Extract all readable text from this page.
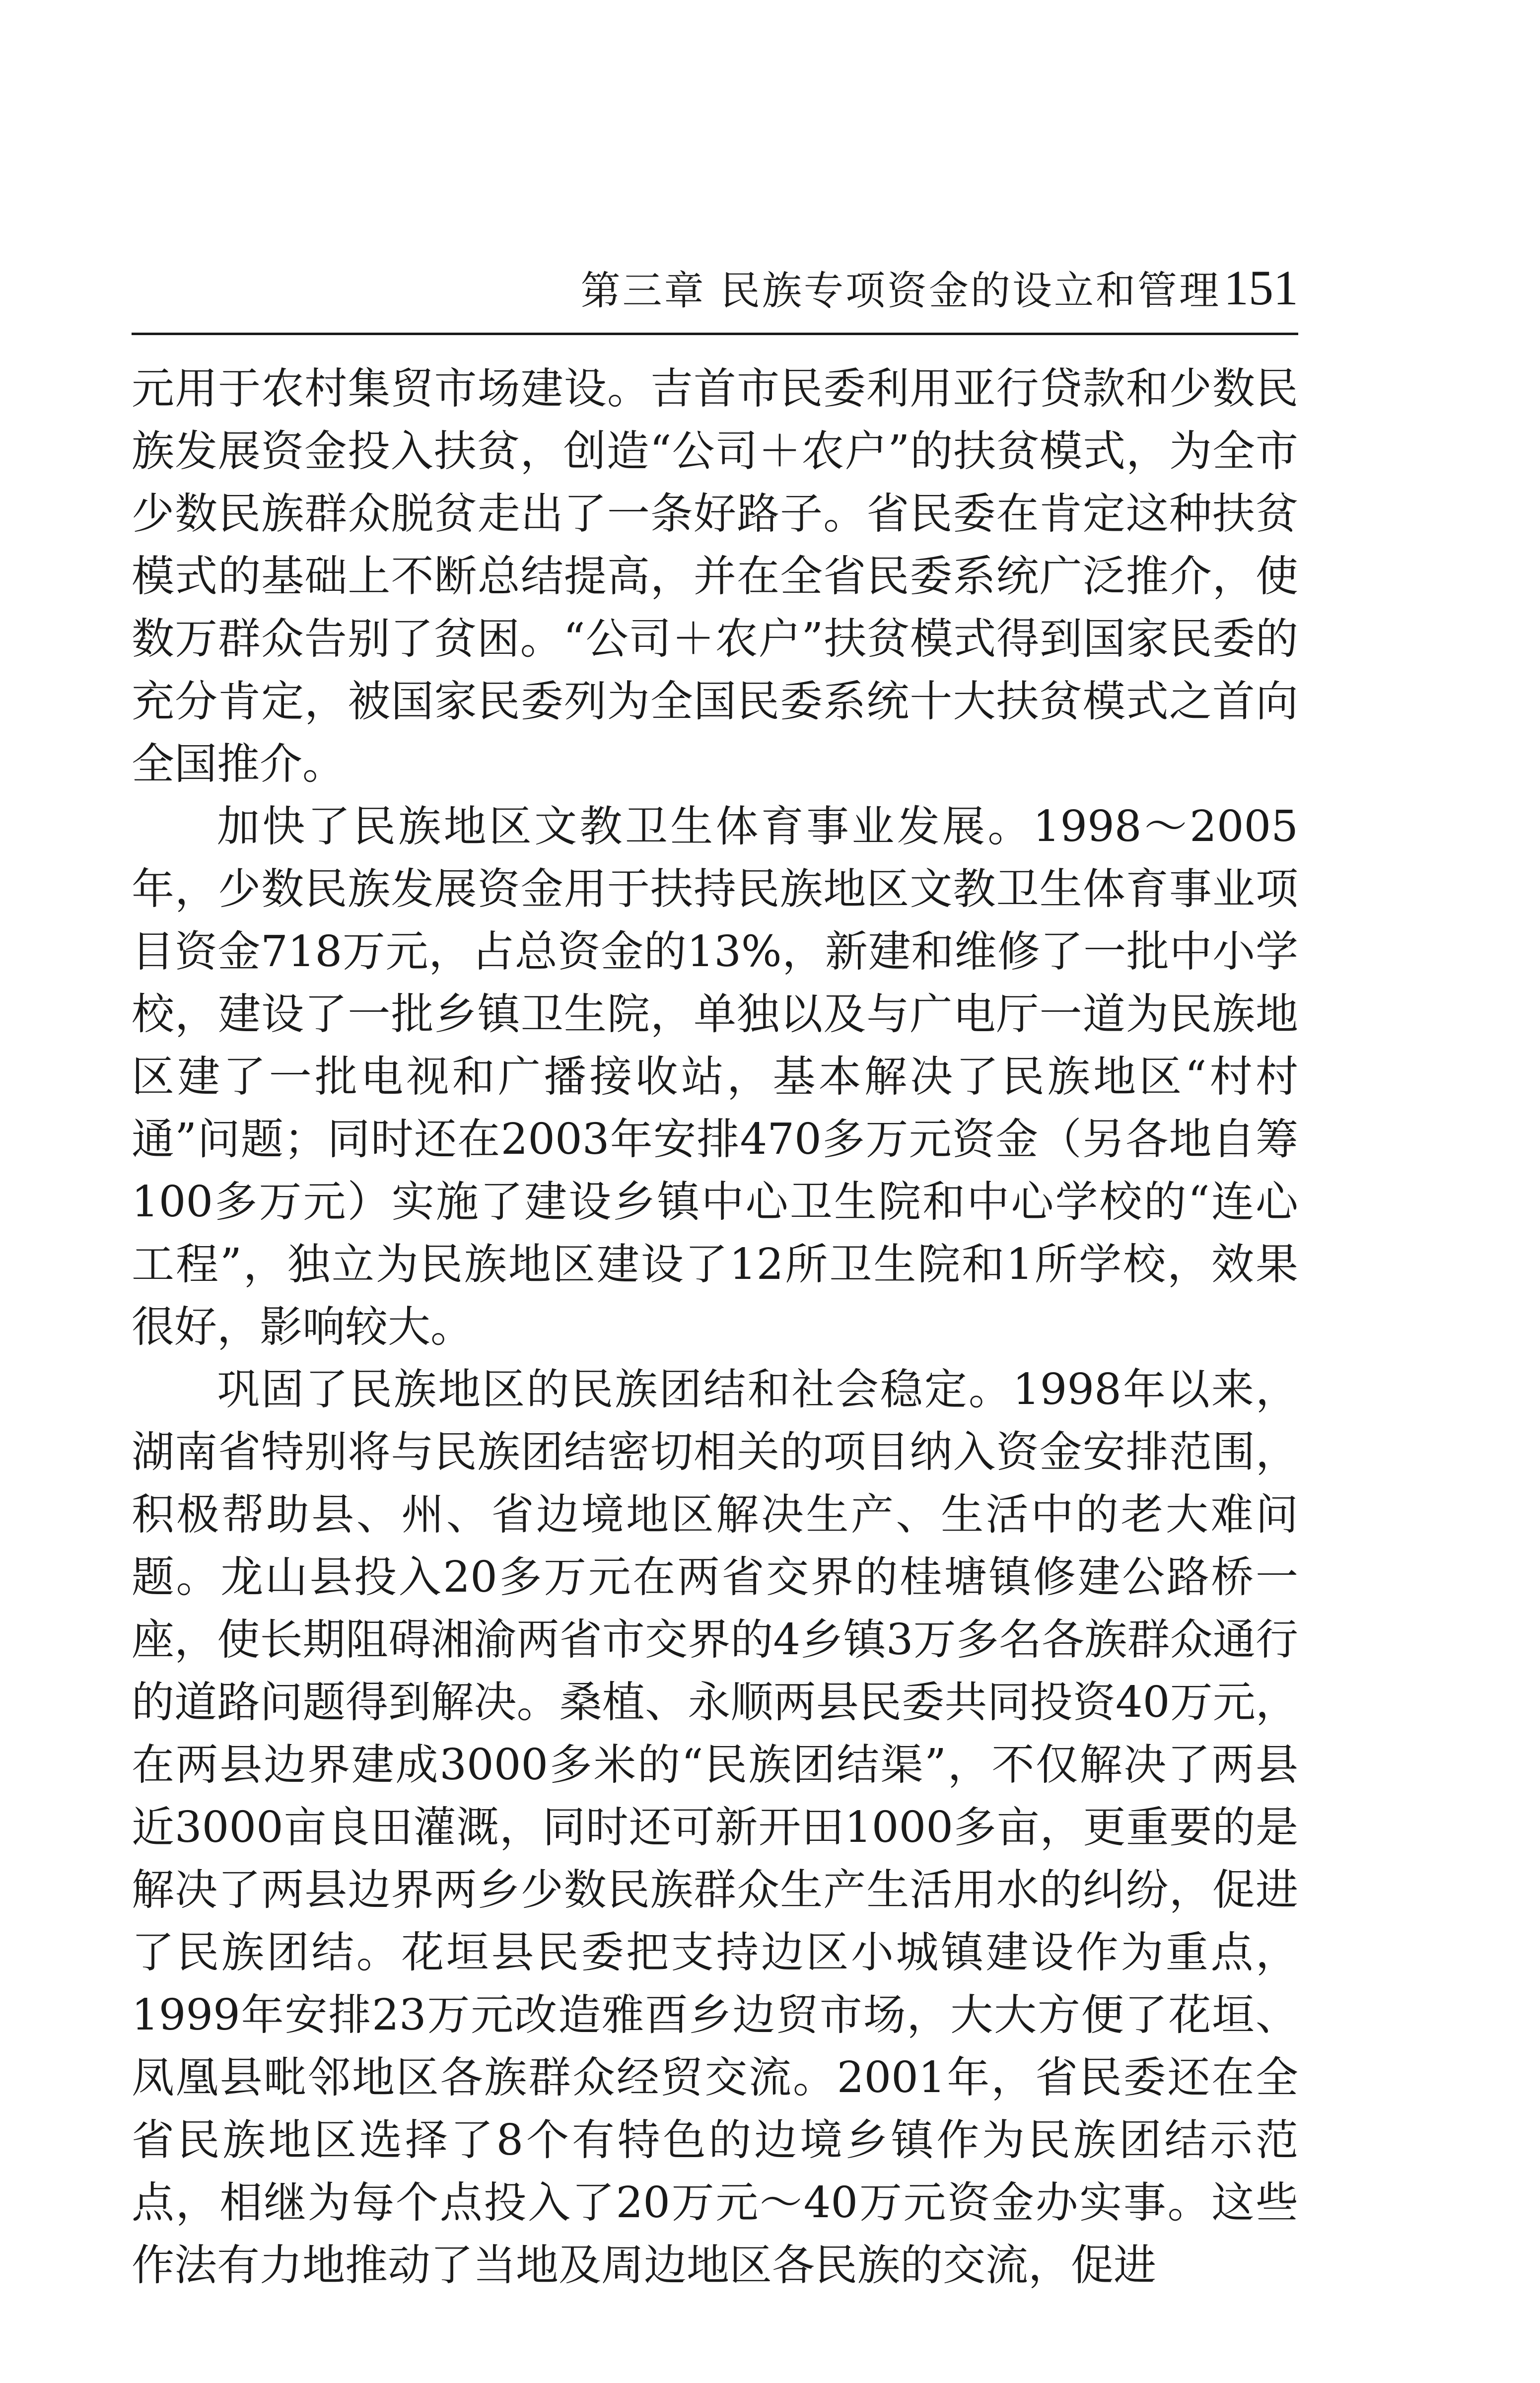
第三章 民族专项资金的设立和管理151

元用于农村集贸市场建设。吉首市民委利用亚行贷款和少数民族发展资金投入扶贫，创造“公司＋农户”的扶贫模式，为全市少数民族群众脱贫走出了一条好路子。省民委在肯定这种扶贫模式的基础上不断总结提高，并在全省民委系统广泛推介，使数万群众告别了贫困。“公司＋农户”扶贫模式得到国家民委的充分肯定，被国家民委列为全国民委系统十大扶贫模式之首向全国推介。

加快了民族地区文教卫生体育事业发展。1998～2005年，少数民族发展资金用于扶持民族地区文教卫生体育事业项目资金718万元，占总资金的13%，新建和维修了一批中小学校，建设了一批乡镇卫生院，单独以及与广电厅一道为民族地区建了一批电视和广播接收站，基本解决了民族地区“村村通”问题；同时还在2003年安排470多万元资金（另各地自筹100多万元）实施了建设乡镇中心卫生院和中心学校的“连心工程”，独立为民族地区建设了12所卫生院和1所学校，效果很好，影响较大。

巩固了民族地区的民族团结和社会稳定。1998年以来，湖南省特别将与民族团结密切相关的项目纳入资金安排范围，积极帮助县、州、省边境地区解决生产、生活中的老大难问题。龙山县投入20多万元在两省交界的桂塘镇修建公路桥一座，使长期阻碍湘渝两省市交界的4乡镇3万多名各族群众通行的道路问题得到解决。桑植、永顺两县民委共同投资40万元，在两县边界建成3000多米的“民族团结渠”，不仅解决了两县近3000亩良田灌溉，同时还可新开田1000多亩，更重要的是解决了两县边界两乡少数民族群众生产生活用水的纠纷，促进了民族团结。花垣县民委把支持边区小城镇建设作为重点，1999年安排23万元改造雅酉乡边贸市场，大大方便了花垣、凤凰县毗邻地区各族群众经贸交流。2001年，省民委还在全省民族地区选择了8个有特色的边境乡镇作为民族团结示范点，相继为每个点投入了20万元～40万元资金办实事。这些作法有力地推动了当地及周边地区各民族的交流，促进
